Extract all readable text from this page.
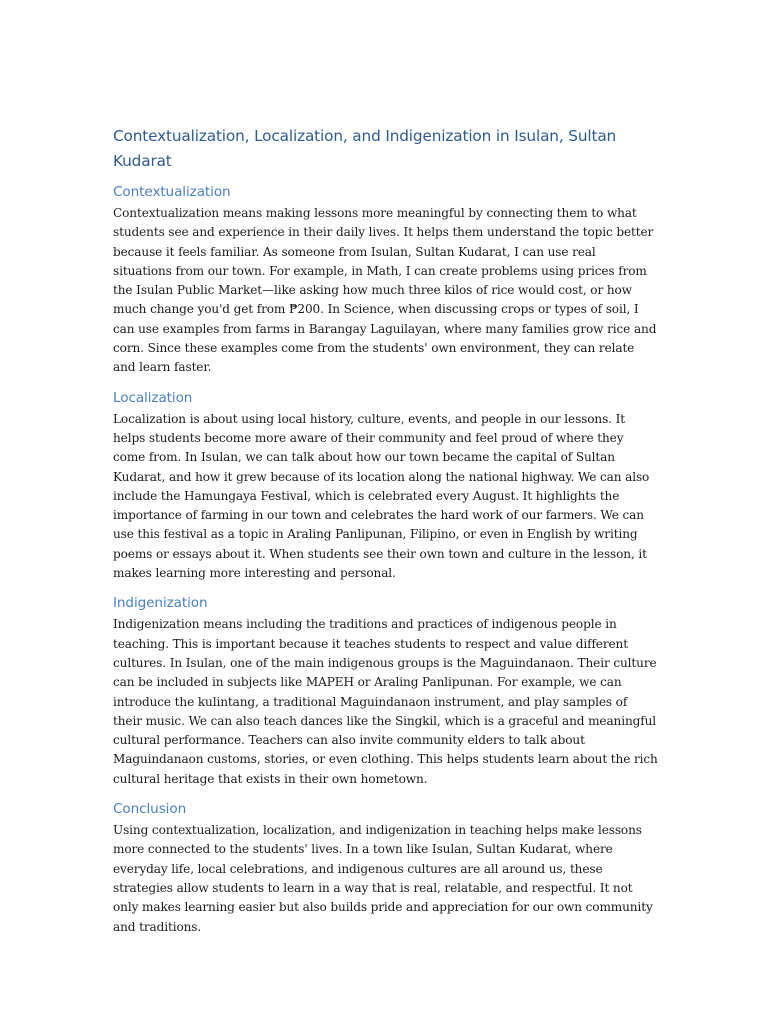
Contextualization, Localization, and Indigenization in Isulan, Sultan Kudarat
Contextualization

Contextualization means making lessons more meaningful by connecting them to what students see and experience in their daily lives. It helps them understand the topic better because it feels familiar. As someone from Isulan, Sultan Kudarat, I can use real situations from our town. For example, in Math, I can create problems using prices from the Isulan Public Market—like asking how much three kilos of rice would cost, or how much change you'd get from ₱200. In Science, when discussing crops or types of soil, I can use examples from farms in Barangay Laguilayan, where many families grow rice and corn. Since these examples come from the students' own environment, they can relate and learn faster.

Localization

Localization is about using local history, culture, events, and people in our lessons. It helps students become more aware of their community and feel proud of where they come from. In Isulan, we can talk about how our town became the capital of Sultan Kudarat, and how it grew because of its location along the national highway. We can also include the Hamungaya Festival, which is celebrated every August. It highlights the importance of farming in our town and celebrates the hard work of our farmers. We can use this festival as a topic in Araling Panlipunan, Filipino, or even in English by writing poems or essays about it. When students see their own town and culture in the lesson, it makes learning more interesting and personal.

Indigenization

Indigenization means including the traditions and practices of indigenous people in teaching. This is important because it teaches students to respect and value different cultures. In Isulan, one of the main indigenous groups is the Maguindanaon. Their culture can be included in subjects like MAPEH or Araling Panlipunan. For example, we can introduce the kulintang, a traditional Maguindanaon instrument, and play samples of their music. We can also teach dances like the Singkil, which is a graceful and meaningful cultural performance. Teachers can also invite community elders to talk about Maguindanaon customs, stories, or even clothing. This helps students learn about the rich cultural heritage that exists in their own hometown.

Conclusion

Using contextualization, localization, and indigenization in teaching helps make lessons more connected to the students' lives. In a town like Isulan, Sultan Kudarat, where everyday life, local celebrations, and indigenous cultures are all around us, these strategies allow students to learn in a way that is real, relatable, and respectful. It not only makes learning easier but also builds pride and appreciation for our own community and traditions.
